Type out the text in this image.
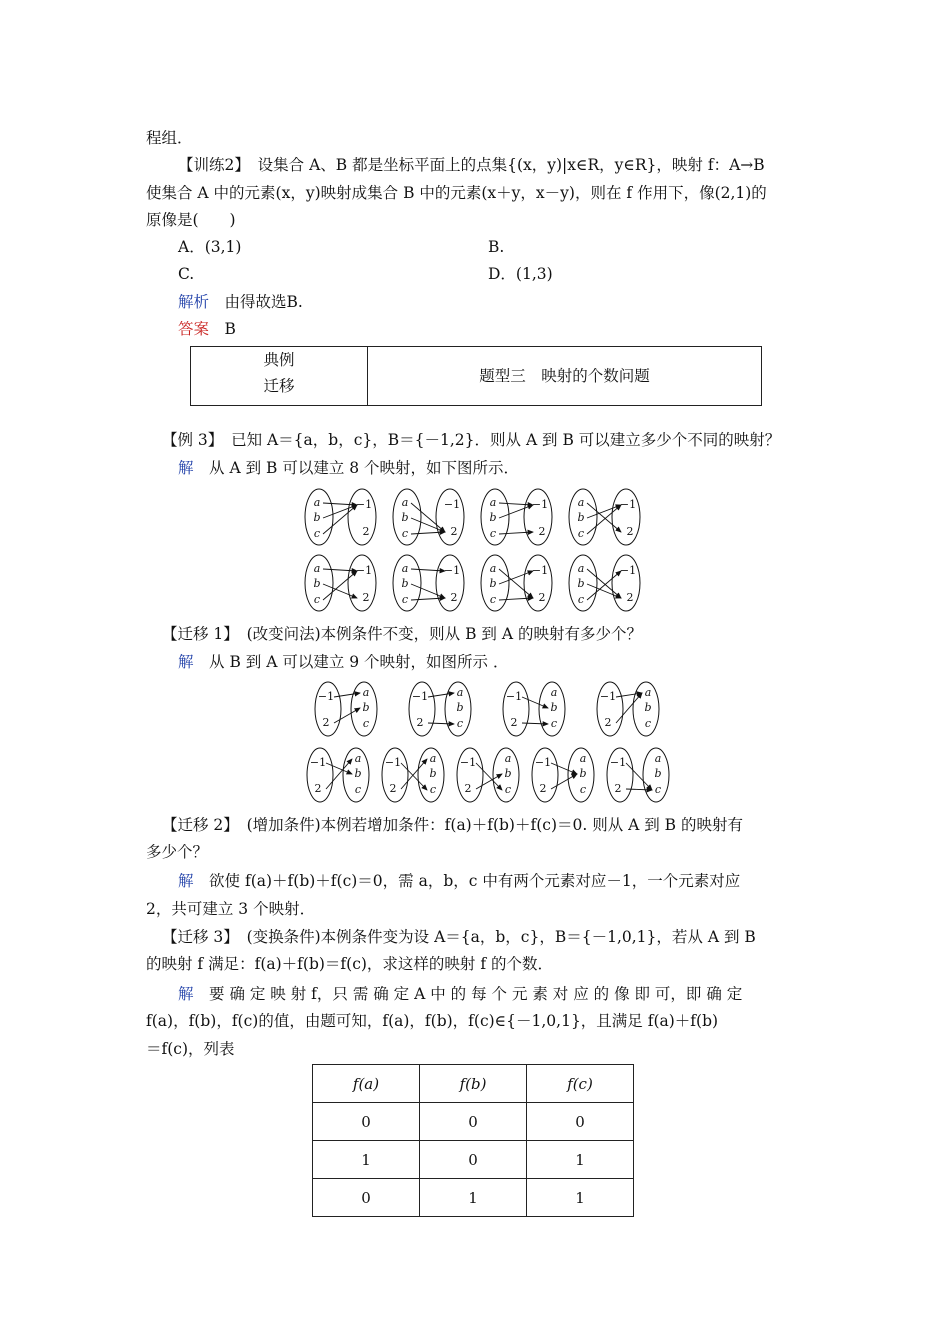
程组．
【训练2】　 设集合 A、B 都是坐标平面上的点集{(x，y)|x∈R，y∈R}，映射 f：A→B
使集合 A 中的元素(x，y)映射成集合 B 中的元素(x＋y，x－y)，则在 f 作用下，像(2,1)的
原像是(　　)
A．(3,1)	B.
C.	D．(1,3)
解析　 由得故选B.
答案　 B
典例
迁移
题型三　映射的个数问题
【例 3】　 已知 A＝{a，b，c}，B＝{－1,2}．则从 A 到 B 可以建立多少个不同的映射？
解　 从 A 到 B 可以建立 8 个映射，如下图所示．
a
b
c
−1
2
a
b
c
−1
2
a
b
c
−1
2
a
b
c
−1
2
a
b
c
−1
2
a
b
c
−1
2
a
b
c
−1
2
a
b
c
−1
2
【迁移 1】　 (改变问法)本例条件不变，则从 B 到 A 的映射有多少个？
解　 从 B 到 A 可以建立 9 个映射，如图所示 ．
−1
2
a
b
c
−1
2
a
b
c
−1
2
a
b
c
−1
2
a
b
c
−1
2
a
b
c
−1
2
a
b
c
−1
2
a
b
c
−1
2
a
b
c
−1
2
a
b
c
【迁移 2】　 (增加条件)本例若增加条件：f(a)＋f(b)＋f(c)＝0. 则从 A 到 B 的映射有
多少个？
解　 欲使 f(a)＋f(b)＋f(c)＝0，需 a，b，c 中有两个元素对应－1，一个元素对应
2，共可建立 3 个映射．
【迁移 3】　 (变换条件)本例条件变为设 A＝{a，b，c}，B＝{－1,0,1}，若从 A 到 B
的映射 f 满足：f(a)＋f(b)＝f(c)，求这样的映射 f 的个数．
解　 要 确 定 映 射 f，只 需 确 定 A 中 的 每 个 元 素 对 应 的 像 即 可，即 确 定
f(a)，f(b)，f(c)的值，由题可知，f(a)，f(b)，f(c)∈{－1,0,1}，且满足 f(a)＋f(b)
＝f(c)，列表
f(a)	f(b)	f(c)
0	0	0
1	0	1
0	1	1
